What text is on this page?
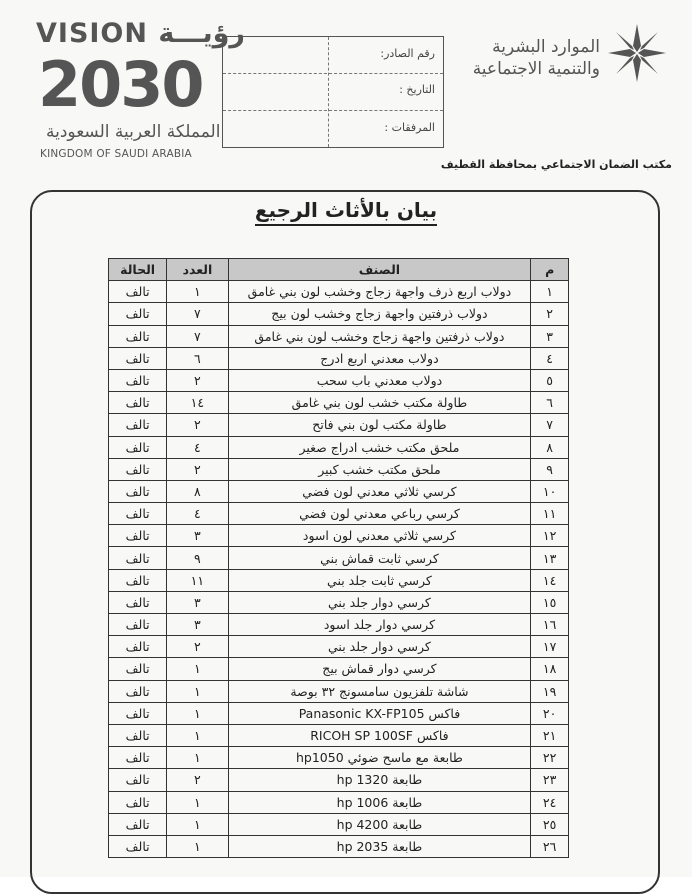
VISION رؤيـــة
2030
المملكة العربية السعودية
KINGDOM OF SAUDI ARABIA
رقم الصادر:
التاريخ :
المرفقات :
الموارد البشرية
والتنمية الاجتماعية
مكتب الضمان الاجتماعي بمحافظة القطيف
بيان بالأثاث الرجيع
م	الصنف	العدد	الحالة
١	دولاب اربع ذرف واجهة زجاج وخشب لون بني غامق	١	تالف
٢	دولاب ذرفتين واجهة زجاج وخشب لون بيج	٧	تالف
٣	دولاب ذرفتين واجهة زجاج وخشب لون بني غامق	٧	تالف
٤	دولاب معدني اربع ادرج	٦	تالف
٥	دولاب معدني باب سحب	٢	تالف
٦	طاولة مكتب خشب لون بني غامق	١٤	تالف
٧	طاولة مكتب لون بني فاتح	٢	تالف
٨	ملحق مكتب خشب ادراج صغير	٤	تالف
٩	ملحق مكتب خشب كبير	٢	تالف
١٠	كرسي ثلاثي معدني لون فضي	٨	تالف
١١	كرسي رباعي معدني لون فضي	٤	تالف
١٢	كرسي ثلاثي معدني لون اسود	٣	تالف
١٣	كرسي ثابت قماش بني	٩	تالف
١٤	كرسي ثابت جلد بني	١١	تالف
١٥	كرسي دوار جلد بني	٣	تالف
١٦	كرسي دوار جلد اسود	٣	تالف
١٧	كرسي دوار جلد بني	٢	تالف
١٨	كرسي دوار قماش بيج	١	تالف
١٩	شاشة تلفزيون سامسونج ٣٢ بوصة	١	تالف
٢٠	فاكس Panasonic KX-FP105	١	تالف
٢١	فاكس RICOH SP 100SF	١	تالف
٢٢	طابعة مع ماسح ضوئي hp1050	١	تالف
٢٣	طابعة hp 1320	٢	تالف
٢٤	طابعة hp 1006	١	تالف
٢٥	طابعة hp 4200	١	تالف
٢٦	طابعة hp 2035	١	تالف
